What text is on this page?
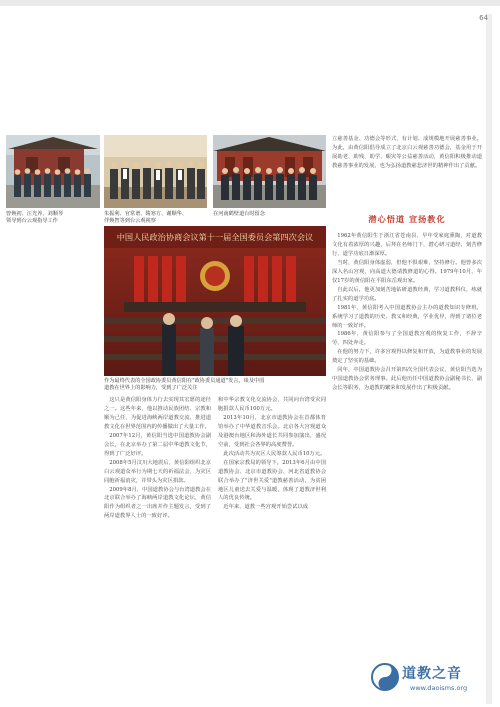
64
曾焕初、汪光养、刘顺琴
领导到台云观指导工作
朱振利、官常谱、隋寒方、谢顺华、
伴焕智等到台云观视察
在河南鹤壁道台时留念
中国人民政治协商会议第十一届全国委员会第四次会议
作为最终代表的全国政协委员黄信阳在"政协委员通道"发言，谈及中国
道教在世界上的影响力，受到了广泛关注

这只是黄信阳身体力行去实现其宏愿的途径之一。这些年来，他以推动民族团结、宗教和顺为己任，为促进海峡两岸道教交流、推进道教文化在世界范围内的传播做出了大量工作。

2007年12月，黄信阳当选中国道教协会副会长，在北京举办了第二届中华道教文化节，得到了广泛好评。

2008年5月汶川大地震后，黄信阳组织北京白云观道众举行为期七天的祈福法会，为灾区同胞祈福消灾，并带头为灾区捐款。

2009年8月，中国道教协会与台湾道教会在北京联合举办了海峡两岸道教文化论坛，黄信阳作为组织者之一出席并作主题发言，受到了两岸道教界人士的一致好评。

和中华宗教文化交流协会，共同向台湾受灾同胞捐款人民币100万元。

2013年10月，北京市道教协会在首都体育馆举办了中华道教音乐会。北京各大宫观道众及港澳台地区和海外道长共同参加演出，盛况空前，受到社会各界的高度赞誉。

此次活动共为灾区人民筹款人民币10万元。

在国家宗教局的领导下，2013年6月由中国道教协会、北京市道教协会、河北省道教协会联合举办了"济世关爱"道教慈善活动，为贫困地区儿童送去关爱与温暖，体现了道教济世利人的优良传统。

近年来，道教一些宫观开始尝试以成

立慈善基金、功德会等形式，有计划、成规模地开展慈善事业。为此，由黄信阳倡导成立了北京白云观慈善功德会，基金用于开展助老、助残、助学、赈灾等公益慈善活动，黄信阳积极推动道教慈善事业的发展，也为弘扬道教慈悲济世的精神作出了贡献。

潜心悟道 宣扬教化

1962年黄信阳生于浙江省苍南县，早年受家庭熏陶，对道教文化有着浓厚的兴趣，后拜在名师门下，潜心研习道经，刻苦修行，道学功底日渐深厚。

当时，黄信阳身体虚弱，但他不惧艰难，坚持修行。他曾多次深入名山宫观，向高道大德请教修道的心得。1979年10月，年仅17岁的黄信阳在平阳东岳观出家。

自此以后，他更加刻苦地钻研道教经典，学习道教科仪，练就了扎实的道学功底。

1981年，黄信阳考入中国道教协会主办的道教知识专修班，系统学习了道教的历史、教义和经典，学业优异，得到了诸位老师的一致好评。

1986年，黄信阳参与了全国道教宫观的恢复工作，不辞辛劳，四处奔走。

在他的努力下，许多宫观得以修复和开放，为道教事业的发展奠定了坚实的基础。

同年，中国道教协会召开第四次全国代表会议，黄信阳当选为中国道教协会常务理事。此后他历任中国道教协会副秘书长、副会长等职务，为道教的繁荣和发展作出了积极贡献。

道教之音
www.daoisms.org
